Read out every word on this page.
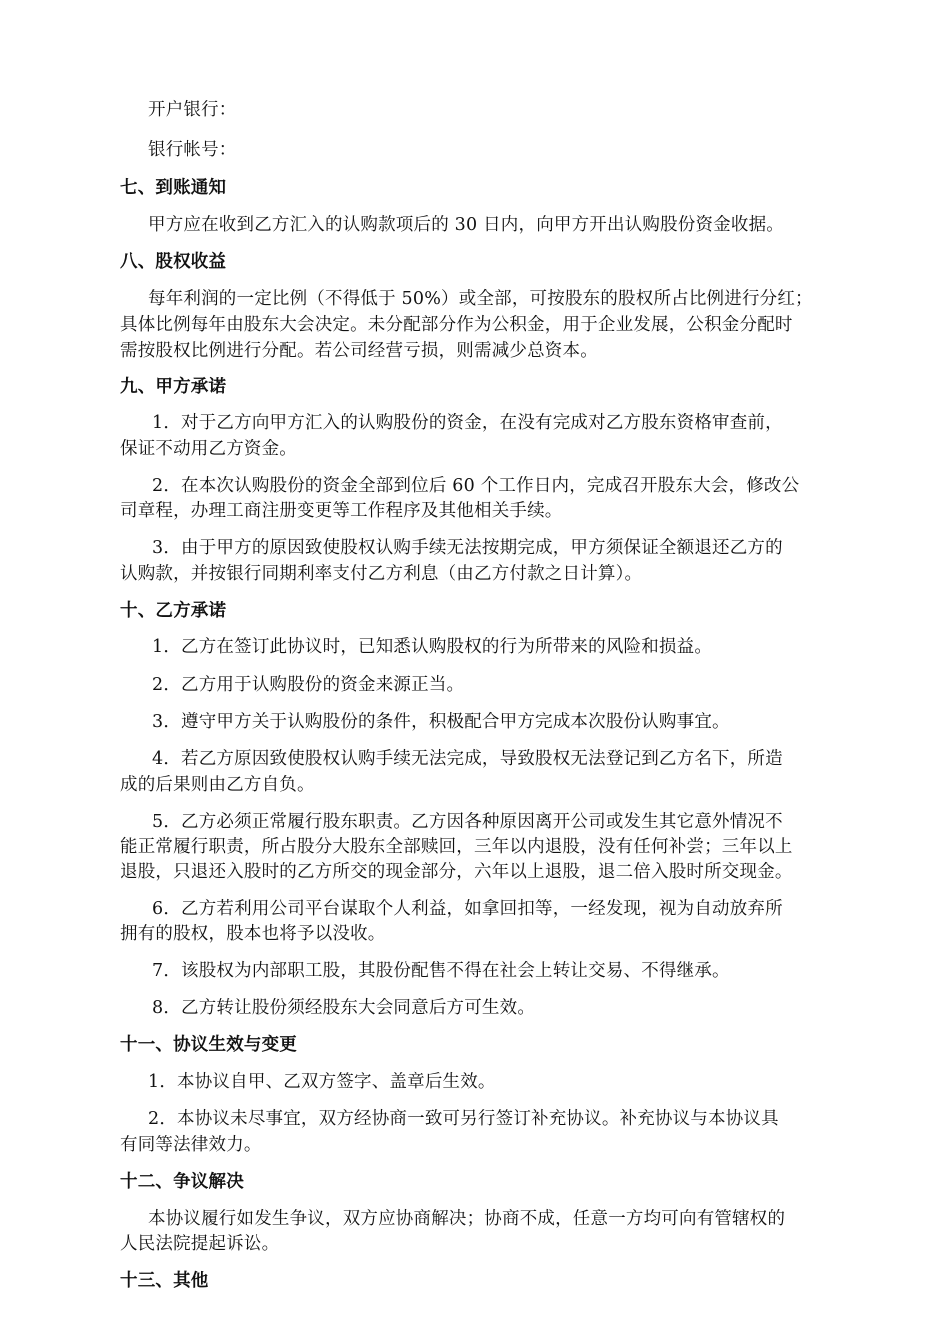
开户银行：
银行帐号：
七、到账通知
甲方应在收到乙方汇入的认购款项后的 30 日内，向甲方开出认购股份资金收据。
八、股权收益
每年利润的一定比例（不得低于 50%）或全部，可按股东的股权所占比例进行分红；
具体比例每年由股东大会决定。未分配部分作为公积金，用于企业发展，公积金分配时
需按股权比例进行分配。若公司经营亏损，则需减少总资本。
九、甲方承诺
1．对于乙方向甲方汇入的认购股份的资金，在没有完成对乙方股东资格审查前，
保证不动用乙方资金。
2．在本次认购股份的资金全部到位后 60 个工作日内，完成召开股东大会，修改公
司章程，办理工商注册变更等工作程序及其他相关手续。
3．由于甲方的原因致使股权认购手续无法按期完成，甲方须保证全额退还乙方的
认购款，并按银行同期利率支付乙方利息（由乙方付款之日计算）。
十、乙方承诺
1．乙方在签订此协议时，已知悉认购股权的行为所带来的风险和损益。
2．乙方用于认购股份的资金来源正当。
3．遵守甲方关于认购股份的条件，积极配合甲方完成本次股份认购事宜。
4．若乙方原因致使股权认购手续无法完成，导致股权无法登记到乙方名下，所造
成的后果则由乙方自负。
5．乙方必须正常履行股东职责。乙方因各种原因离开公司或发生其它意外情况不
能正常履行职责，所占股分大股东全部赎回，三年以内退股，没有任何补尝；三年以上
退股，只退还入股时的乙方所交的现金部分，六年以上退股，退二倍入股时所交现金。
6．乙方若利用公司平台谋取个人利益，如拿回扣等，一经发现，视为自动放弃所
拥有的股权，股本也将予以没收。
7．该股权为内部职工股，其股份配售不得在社会上转让交易、不得继承。
8．乙方转让股份须经股东大会同意后方可生效。
十一、协议生效与变更
1．本协议自甲、乙双方签字、盖章后生效。
2．本协议未尽事宜，双方经协商一致可另行签订补充协议。补充协议与本协议具
有同等法律效力。
十二、争议解决
本协议履行如发生争议，双方应协商解决；协商不成，任意一方均可向有管辖权的
人民法院提起诉讼。
十三、其他
